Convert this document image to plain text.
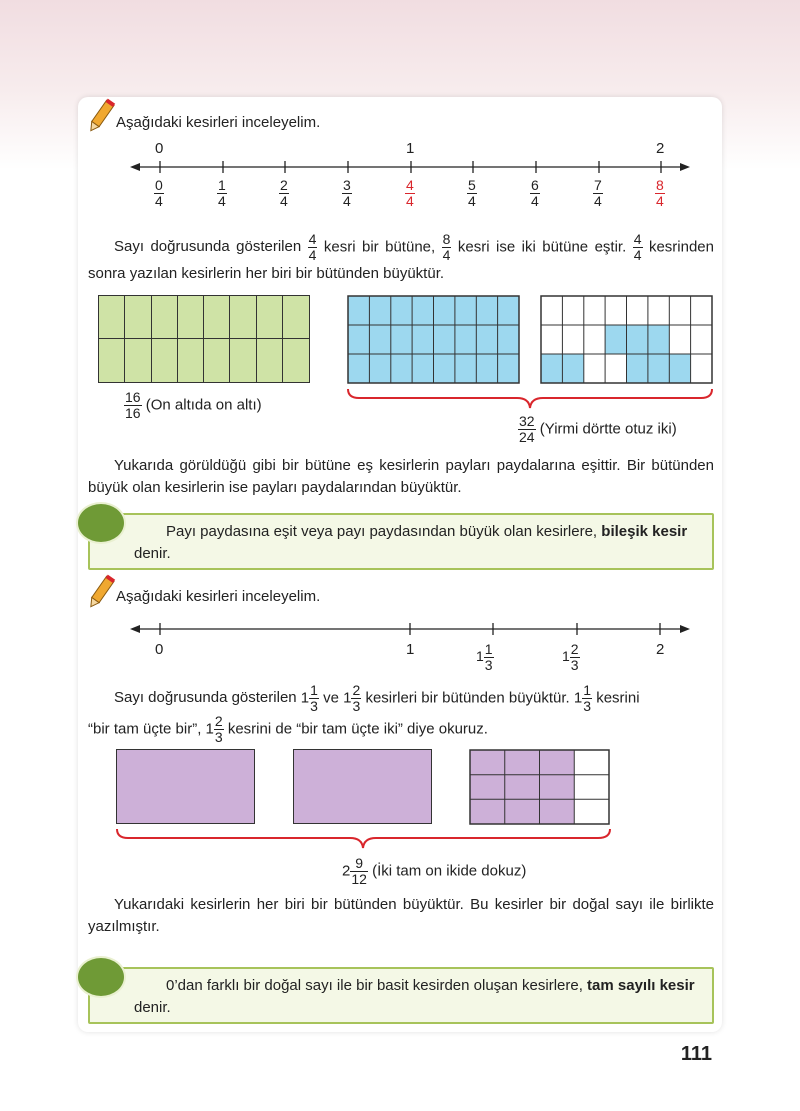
Aşağıdaki kesirleri inceleyelim.
0	1	2
$\frac{0}{4}$	$\frac{1}{4}$	$\frac{2}{4}$	$\frac{3}{4}$	$\frac{4}{4}$	$\frac{5}{4}$	$\frac{6}{4}$	$\frac{7}{4}$	$\frac{8}{4}$
Sayı doğrusunda gösterilen $\frac{4}{4}$ kesri bir bütüne, $\frac{8}{4}$ kesri ise iki bütüne eştir. $\frac{4}{4}$ kesrinden sonra yazılan kesirlerin her biri bir bütünden büyüktür.
$\frac{16}{16} (On$ altıda on altı)
$\frac{32}{24}$ (Yirmi dörtte otuz iki)
Yukarıda görüldüğü gibi bir bütüne eş kesirlerin payları paydalarına eşittir. Bir bütünden büyük olan kesirlerin ise payları paydalarından büyüktür.
Payı paydasına eşit veya payı paydasından büyük olan kesirlere, bileşik kesir denir.
Aşağıdaki kesirleri inceleyelim.
0	1	2
$1 \frac{1}{3}$	$1 \frac{2}{3}$
Sayı doğrusunda gösterilen $1 \frac{1}{3}$ ve $1 \frac{2}{3}$ kesirleri bir bütünden büyüktür. $1 \frac{1}{3}$ kesrini
“bir tam üçte bir”, $1 \frac{2}{3}$ kesrini de “bir tam üçte iki” diye okuruz.
$2 \frac{9}{12}$ (İki tam on ikide dokuz)
Yukarıdaki kesirlerin her biri bir bütünden büyüktür. Bu kesirler bir doğal sayı ile birlikte yazılmıştır.
0’dan farklı bir doğal sayı ile bir basit kesirden oluşan kesirlere, tam sayılı kesir denir.
111
